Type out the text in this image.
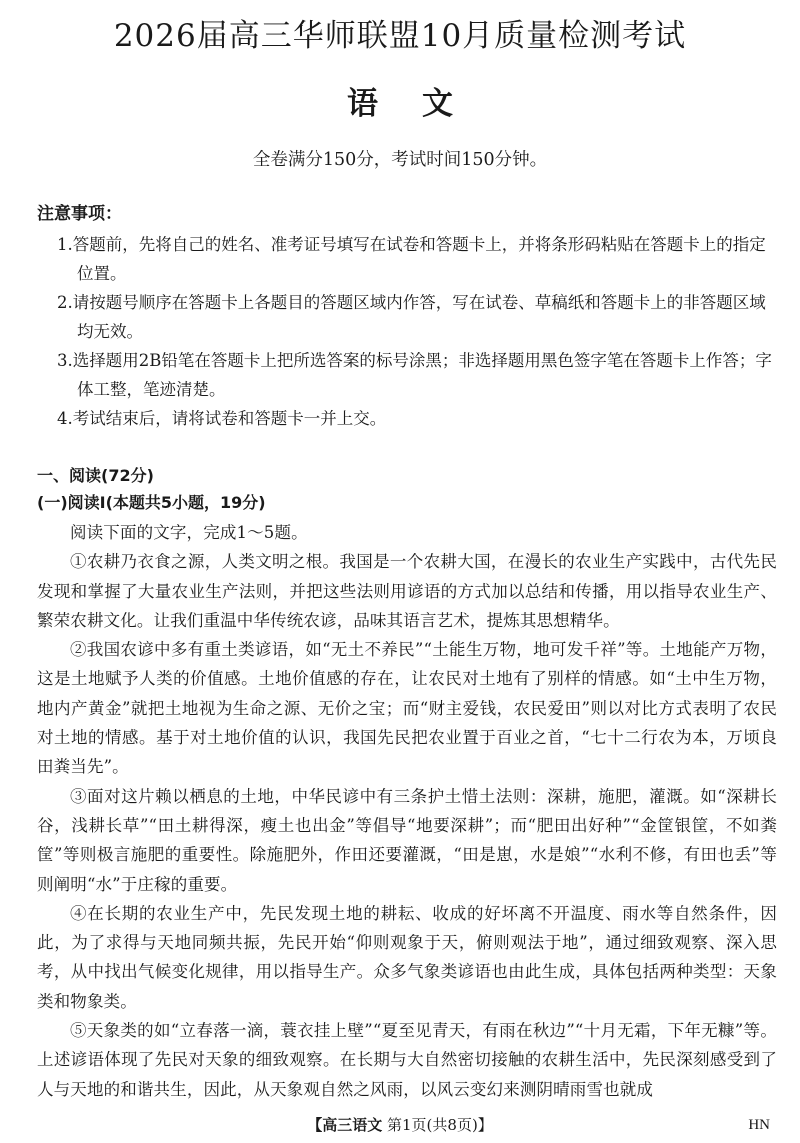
2026届高三华师联盟10月质量检测考试
语文
全卷满分150分，考试时间150分钟。
注意事项：
1.答题前，先将自己的姓名、准考证号填写在试卷和答题卡上，并将条形码粘贴在答题卡上的指定位置。
2.请按题号顺序在答题卡上各题目的答题区域内作答，写在试卷、草稿纸和答题卡上的非答题区域均无效。
3.选择题用2B铅笔在答题卡上把所选答案的标号涂黑；非选择题用黑色签字笔在答题卡上作答；字体工整，笔迹清楚。
4.考试结束后，请将试卷和答题卡一并上交。
一、阅读(72分)
(一)阅读Ⅰ(本题共5小题，19分)

阅读下面的文字，完成1～5题。

①农耕乃衣食之源，人类文明之根。我国是一个农耕大国，在漫长的农业生产实践中，古代先民发现和掌握了大量农业生产法则，并把这些法则用谚语的方式加以总结和传播，用以指导农业生产、繁荣农耕文化。让我们重温中华传统农谚，品味其语言艺术，提炼其思想精华。

②我国农谚中多有重土类谚语，如“无土不养民”“土能生万物，地可发千祥”等。土地能产万物，这是土地赋予人类的价值感。土地价值感的存在，让农民对土地有了别样的情感。如“土中生万物，地内产黄金”就把土地视为生命之源、无价之宝；而“财主爱钱，农民爱田”则以对比方式表明了农民对土地的情感。基于对土地价值的认识，我国先民把农业置于百业之首，“七十二行农为本，万顷良田粪当先”。

③面对这片赖以栖息的土地，中华民谚中有三条护土惜土法则：深耕，施肥，灌溉。如“深耕长谷，浅耕长草”“田土耕得深，瘦土也出金”等倡导“地要深耕”；而“肥田出好种”“金筐银筐，不如粪筐”等则极言施肥的重要性。除施肥外，作田还要灌溉，“田是崽，水是娘”“水利不修，有田也丢”等则阐明“水”于庄稼的重要。

④在长期的农业生产中，先民发现土地的耕耘、收成的好坏离不开温度、雨水等自然条件，因此，为了求得与天地同频共振，先民开始“仰则观象于天，俯则观法于地”，通过细致观察、深入思考，从中找出气候变化规律，用以指导生产。众多气象类谚语也由此生成，具体包括两种类型：天象类和物象类。

⑤天象类的如“立春落一滴，蓑衣挂上壁”“夏至见青天，有雨在秋边”“十月无霜，下年无糠”等。上述谚语体现了先民对天象的细致观察。在长期与大自然密切接触的农耕生活中，先民深刻感受到了人与天地的和谐共生，因此，从天象观自然之风雨，以风云变幻来测阴晴雨雪也就成

【高三语文 第1页(共8页)】	HN
